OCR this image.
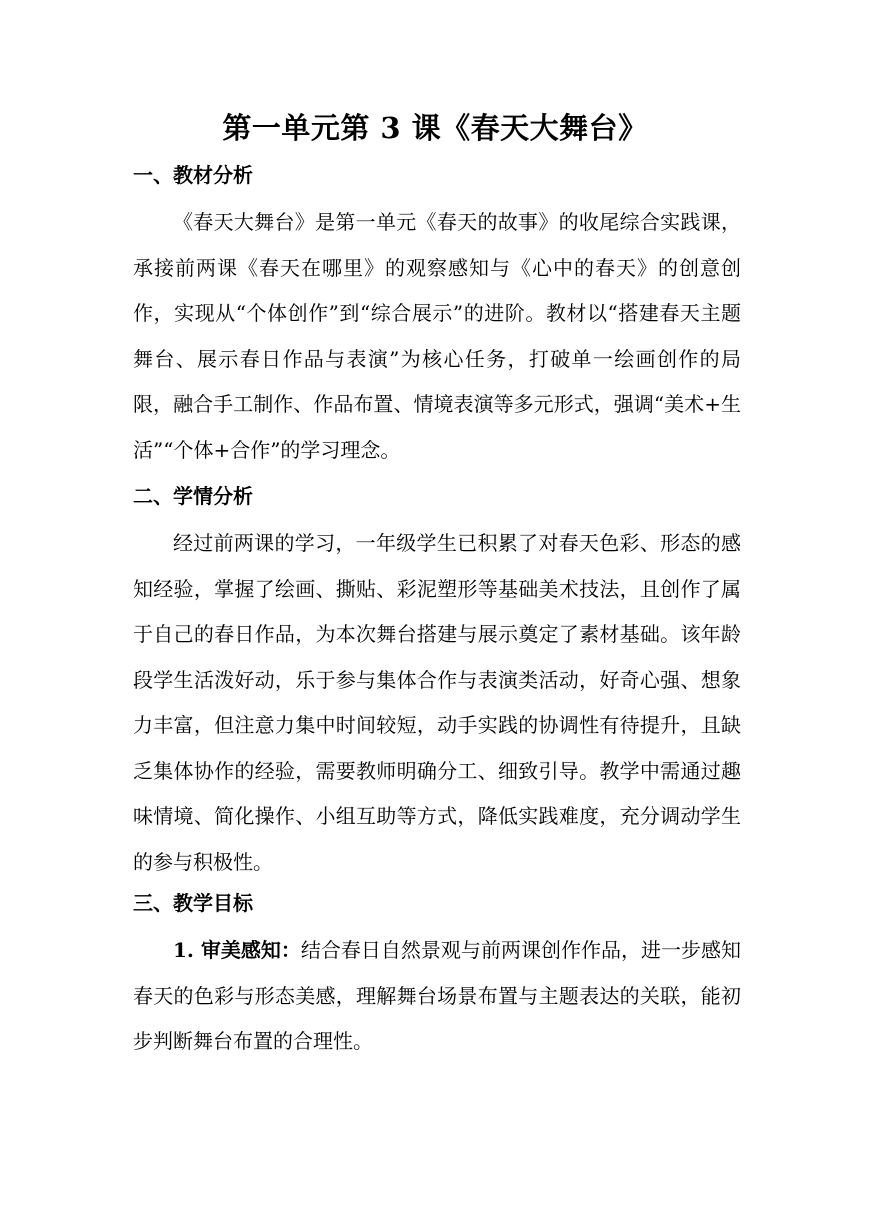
第一单元第 3 课《春天大舞台》
一、教材分析

《春天大舞台》是第一单元《春天的故事》的收尾综合实践课，承接前两课《春天在哪里》的观察感知与《心中的春天》的创意创作，实现从“个体创作”到“综合展示”的进阶。教材以“搭建春天主题舞台、展示春日作品与表演”为核心任务，打破单一绘画创作的局限，融合手工制作、作品布置、情境表演等多元形式，强调“美术+生活”“个体+合作”的学习理念。

二、学情分析

经过前两课的学习，一年级学生已积累了对春天色彩、形态的感知经验，掌握了绘画、撕贴、彩泥塑形等基础美术技法，且创作了属于自己的春日作品，为本次舞台搭建与展示奠定了素材基础。该年龄段学生活泼好动，乐于参与集体合作与表演类活动，好奇心强、想象力丰富，但注意力集中时间较短，动手实践的协调性有待提升，且缺乏集体协作的经验，需要教师明确分工、细致引导。教学中需通过趣味情境、简化操作、小组互助等方式，降低实践难度，充分调动学生的参与积极性。

三、教学目标

1. 审美感知：结合春日自然景观与前两课创作作品，进一步感知春天的色彩与形态美感，理解舞台场景布置与主题表达的关联，能初步判断舞台布置的合理性。
